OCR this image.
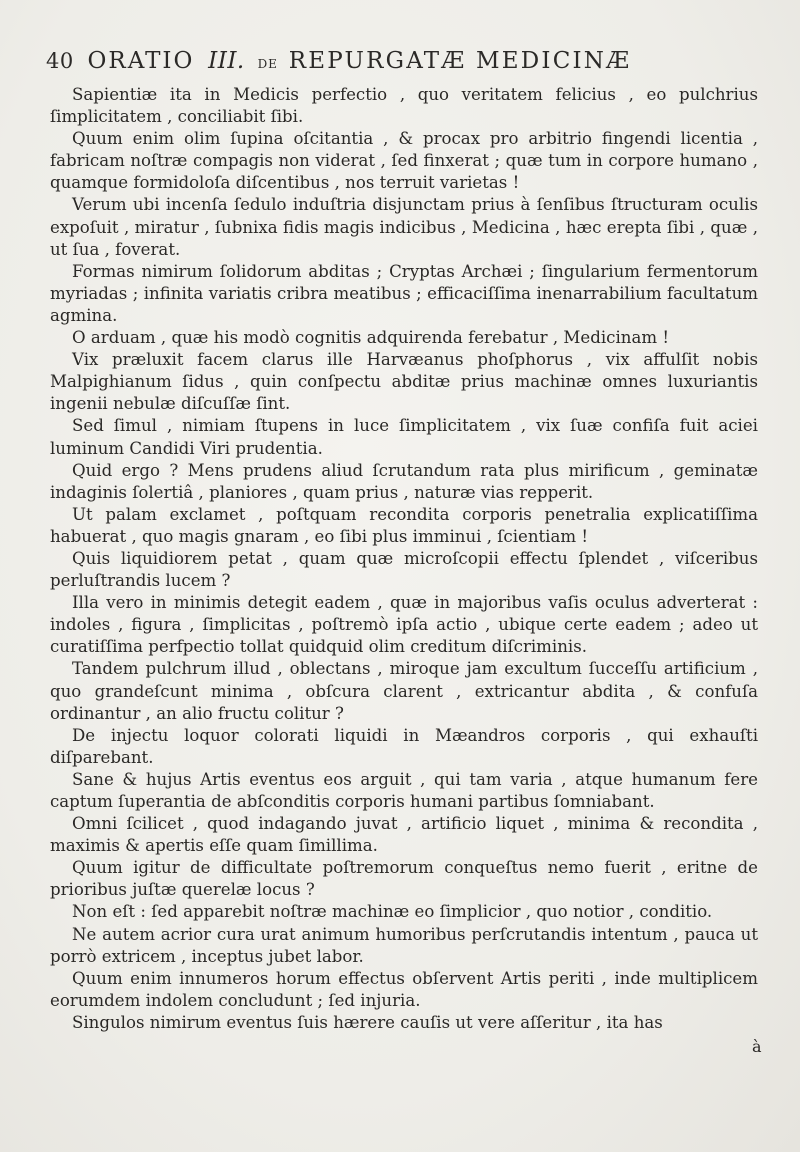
40 ORATIO III. DE REPURGATÆ MEDICINÆ

Sapientiæ ita in Medicis perfectio , quo veritatem felicius , eo pulchrius ſimplicitatem , conciliabit ſibi.

Quum enim olim ſupina oſcitantia , & procax pro arbitrio fingendi licentia , fabricam noſtræ compagis non viderat , ſed finxerat ; quæ tum in corpore humano , quamque formidoloſa diſcentibus , nos terruit varietas !

Verum ubi incenſa ſedulo induſtria disjunctam prius à ſenſibus ſtructuram oculis expoſuit , miratur , ſubnixa fidis magis indicibus , Medicina , hæc erepta ſibi , quæ , ut ſua , foverat.

Formas nimirum ſolidorum abditas ; Cryptas Archæi ; ſingularium fermentorum myriadas ; infinita variatis cribra meatibus ; efficaciſſima inenarrabilium facultatum agmina.

O arduam , quæ his modò cognitis adquirenda ferebatur , Medicinam !

Vix præluxit facem clarus ille Harvæanus phoſphorus , vix affulſit nobis Malpighianum ſidus , quin conſpectu abditæ prius machinæ omnes luxuriantis ingenii nebulæ diſcuſſæ ſint.

Sed ſimul , nimiam ſtupens in luce ſimplicitatem , vix ſuæ confiſa fuit aciei luminum Candidi Viri prudentia.

Quid ergo ? Mens prudens aliud ſcrutandum rata plus mirificum , geminatæ indaginis ſolertiâ , planiores , quam prius , naturæ vias repperit.

Ut palam exclamet , poſtquam recondita corporis penetralia explicatiſſima habuerat , quo magis gnaram , eo ſibi plus imminui , ſcientiam !

Quis liquidiorem petat , quam quæ microſcopii effectu ſplendet , viſceribus perluſtrandis lucem ?

Illa vero in minimis detegit eadem , quæ in majoribus vaſis oculus adverterat : indoles , figura , ſimplicitas , poſtremò ipſa actio , ubique certe eadem ; adeo ut curatiſſima perfpectio tollat quidquid olim creditum diſcriminis.

Tandem pulchrum illud , oblectans , miroque jam excultum ſucceſſu artificium , quo grandeſcunt minima , obſcura clarent , extricantur abdita , & confuſa ordinantur , an alio fructu colitur ?

De injectu loquor colorati liquidi in Mæandros corporis , qui exhauſti diſparebant.

Sane & hujus Artis eventus eos arguit , qui tam varia , atque humanum fere captum ſuperantia de abſconditis corporis humani partibus ſomniabant.

Omni ſcilicet , quod indagando juvat , artificio liquet , minima & recondita , maximis & apertis eſſe quam ſimillima.

Quum igitur de difficultate poſtremorum conqueſtus nemo fuerit , eritne de prioribus juſtæ querelæ locus ?

Non eſt : ſed apparebit noſtræ machinæ eo ſimplicior , quo notior , conditio.

Ne autem acrior cura urat animum humoribus perſcrutandis intentum , pauca ut porrò extricem , inceptus jubet labor.

Quum enim innumeros horum effectus obſervent Artis periti , inde multiplicem eorumdem indolem concludunt ; ſed injuria.

Singulos nimirum eventus ſuis hærere cauſis ut vere aſſeritur , ita has

à
